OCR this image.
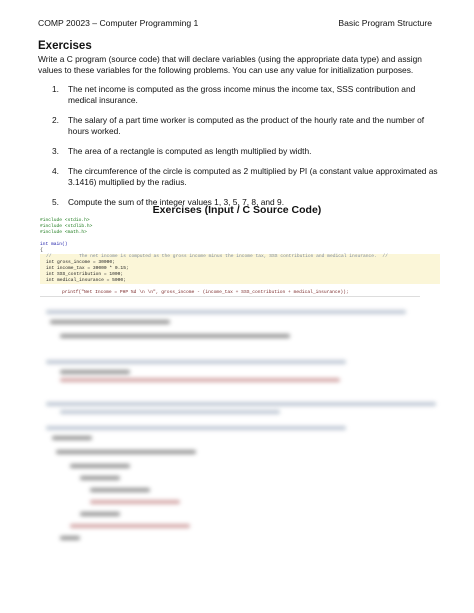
COMP 20023 – Computer Programming 1	Basic Program Structure
Exercises

Write a C program (source code) that will declare variables (using the appropriate data type) and assign values to these variables for the following problems. You can use any value for initialization purposes.

1. The net income is computed as the gross income minus the income tax, SSS contribution and medical insurance.
2. The salary of a part time worker is computed as the product of the hourly rate and the number of hours worked.
3. The area of a rectangle is computed as length multiplied by width.
4. The circumference of the circle is computed as 2 multiplied by PI (a constant value approximated as 3.1416) multiplied by the radius.
5. Compute the sum of the integer values 1, 3, 5, 7, 8, and 9.
Exercises (Input / C Source Code)
#include <stdio.h>
#include <stdlib.h>
#include <math.h>

int main()
{
//          The net income is computed as the gross income minus the income tax, SSS contribution and medical insurance.  //
int gross_income = 30000;
int income_tax = 30000 * 0.15;
int SSS_contribution = 1000;
int medical_insurance = 5000;

printf("Net Income = PHP %d \n \n", gross_income - (income_tax + SSS_contribution + medical_insurance));
